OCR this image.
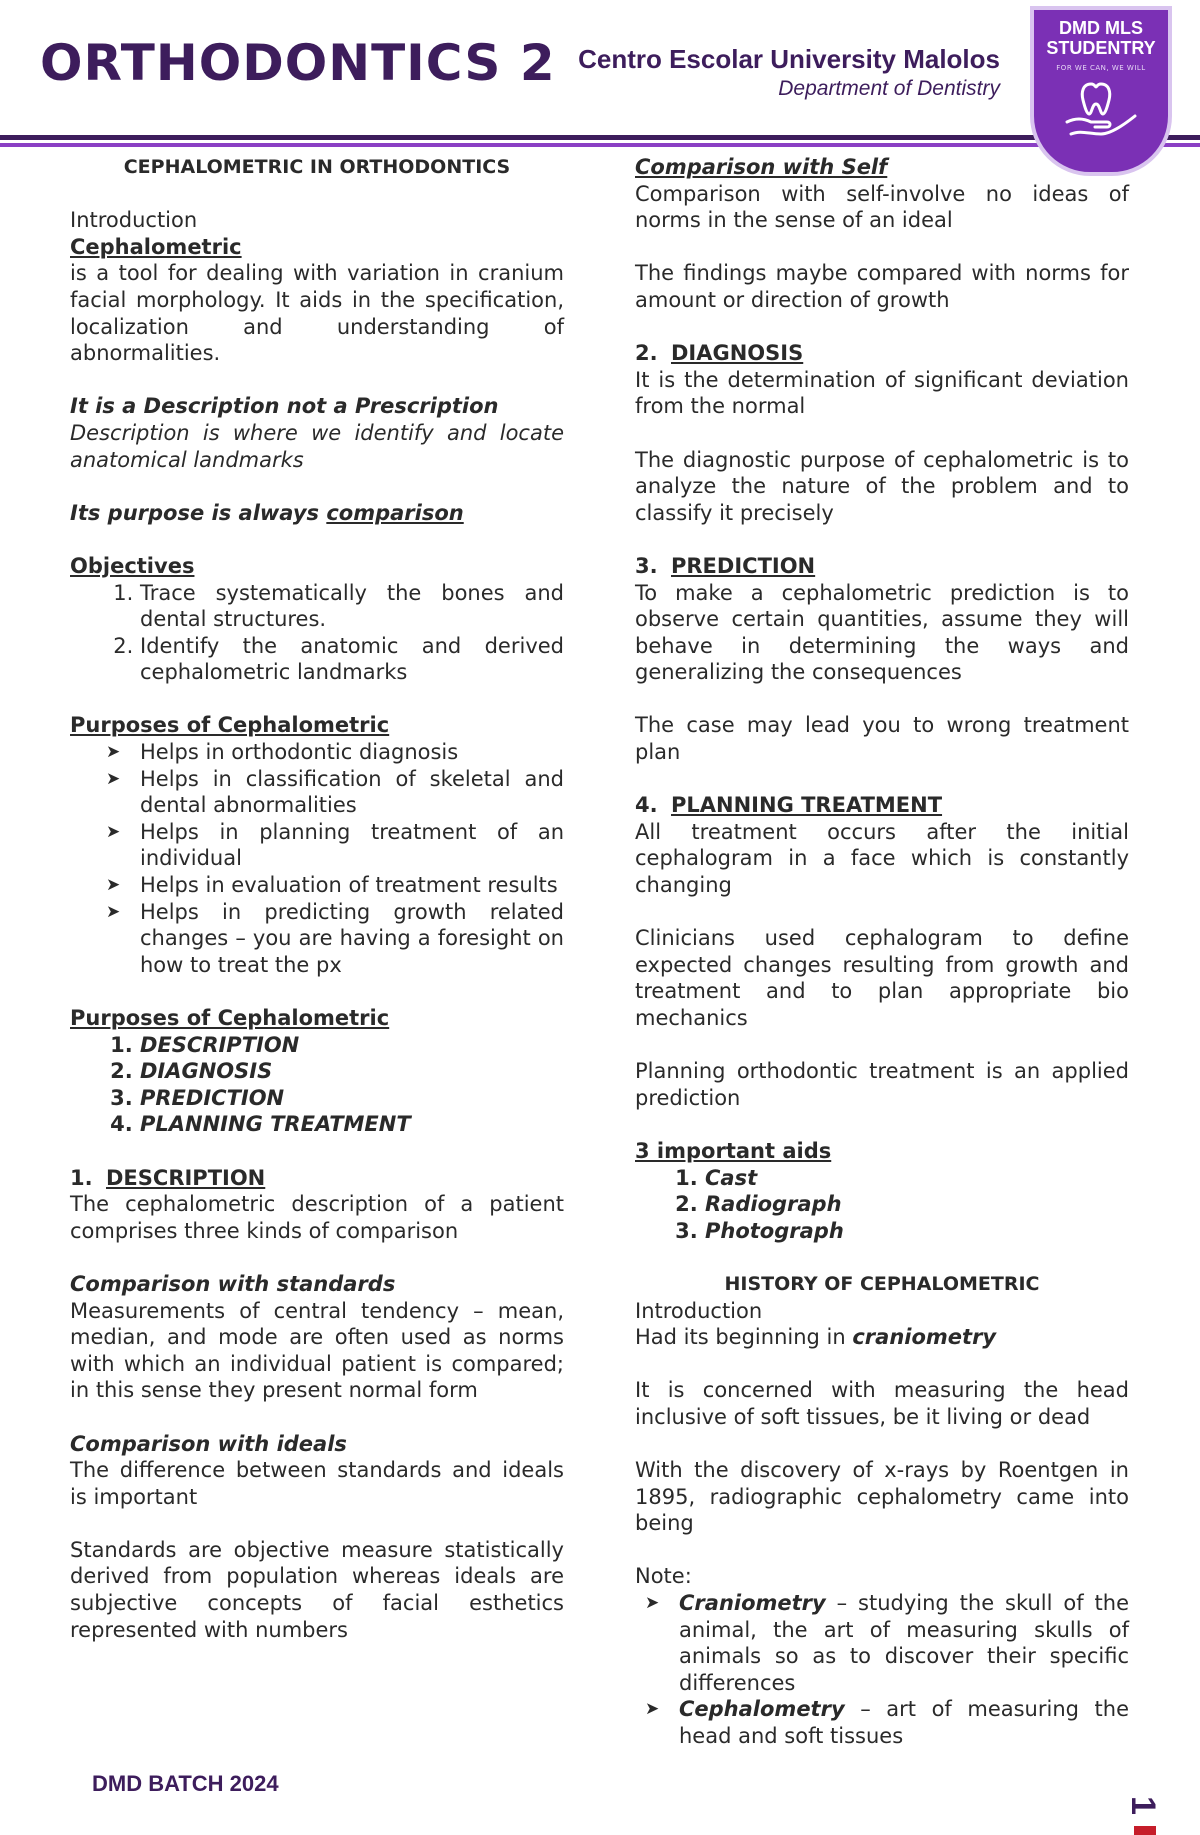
ORTHODONTICS 2 Centro Escolar University Malolos
Department of Dentistry
DMD MLS STUDENTRY
FOR WE CAN, WE WILL

CEPHALOMETRIC IN ORTHODONTICS

Introduction

Cephalometric

is a tool for dealing with variation in cranium facial morphology. It aids in the specification, localization and understanding of abnormalities.

It is a Description not a Prescription

Description is where we identify and locate anatomical landmarks

Its purpose is always comparison

Objectives

1. Trace systematically the bones and dental structures.
2. Identify the anatomic and derived cephalometric landmarks

Purposes of Cephalometric

➤ Helps in orthodontic diagnosis
➤ Helps in classification of skeletal and dental abnormalities
➤ Helps in planning treatment of an individual
➤ Helps in evaluation of treatment results
➤ Helps in predicting growth related changes – you are having a foresight on how to treat the px

Purposes of Cephalometric

1. DESCRIPTION
2. DIAGNOSIS
3. PREDICTION
4. PLANNING TREATMENT

1. DESCRIPTION

The cephalometric description of a patient comprises three kinds of comparison

Comparison with standards

Measurements of central tendency – mean, median, and mode are often used as norms with which an individual patient is compared; in this sense they present normal form

Comparison with ideals

The difference between standards and ideals is important

Standards are objective measure statistically derived from population whereas ideals are subjective concepts of facial esthetics represented with numbers

Comparison with Self

Comparison with self-involve no ideas of norms in the sense of an ideal

The findings maybe compared with norms for amount or direction of growth

2. DIAGNOSIS

It is the determination of significant deviation from the normal

The diagnostic purpose of cephalometric is to analyze the nature of the problem and to classify it precisely

3. PREDICTION

To make a cephalometric prediction is to observe certain quantities, assume they will behave in determining the ways and generalizing the consequences

The case may lead you to wrong treatment plan

4. PLANNING TREATMENT

All treatment occurs after the initial cephalogram in a face which is constantly changing

Clinicians used cephalogram to define expected changes resulting from growth and treatment and to plan appropriate bio mechanics

Planning orthodontic treatment is an applied prediction

3 important aids

1. Cast
2. Radiograph
3. Photograph

HISTORY OF CEPHALOMETRIC

Introduction

Had its beginning in craniometry

It is concerned with measuring the head inclusive of soft tissues, be it living or dead

With the discovery of x-rays by Roentgen in 1895, radiographic cephalometry came into being

Note:

➤ Craniometry – studying the skull of the animal, the art of measuring skulls of animals so as to discover their specific differences
➤ Cephalometry – art of measuring the head and soft tissues
DMD BATCH 2024
1
